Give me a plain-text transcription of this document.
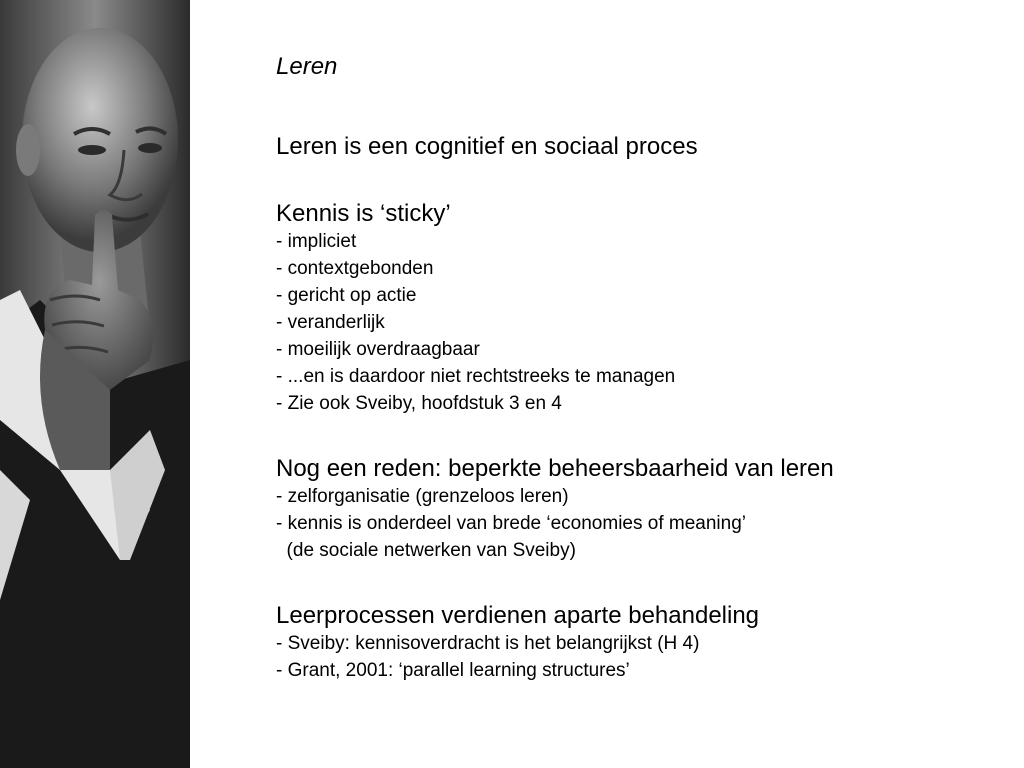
Leren

Leren is een cognitief en sociaal proces

Kennis is ‘sticky’

- impliciet

- contextgebonden

- gericht op actie

- veranderlijk

- moeilijk overdraagbaar

- ...en is daardoor niet rechtstreeks te managen

- Zie ook Sveiby, hoofdstuk 3 en 4

Nog een reden: beperkte beheersbaarheid van leren

- zelforganisatie (grenzeloos leren)

- kennis is onderdeel van brede ‘economies of meaning’

(de sociale netwerken van Sveiby)

Leerprocessen verdienen aparte behandeling

- Sveiby: kennisoverdracht is het belangrijkst (H 4)

- Grant, 2001: ‘parallel learning structures’
